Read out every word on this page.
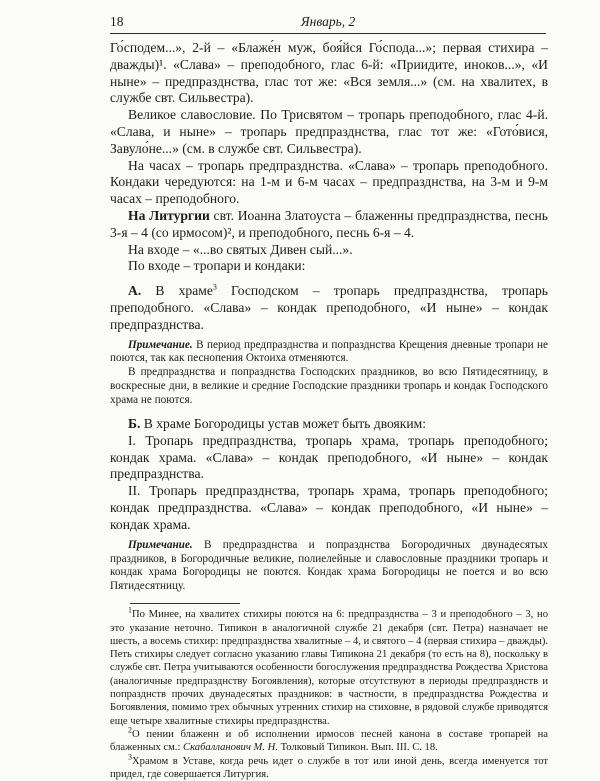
18	Январь, 2

Го́сподем...», 2-й – «Блаже́н муж, боя́йся Го́спода...»; первая стихира – дважды)¹. «Слава» – преподобного, глас 6-й: «Приидите, иноков...», «И ныне» – предпразднства, глас тот же: «Вся земля...» (см. на хвалитех, в службе свт. Сильвестра).

Великое славословие. По Трисвятом – тропарь преподобного, глас 4-й. «Слава, и ныне» – тропарь предпразднства, глас тот же: «Гото́вися, Завуло́не...» (см. в службе свт. Сильвестра).

На часах – тропарь предпразднства. «Слава» – тропарь преподобного. Кондаки чередуются: на 1-м и 6-м часах – предпразднства, на 3-м и 9-м часах – преподобного.

На Литургии свт. Иоанна Златоуста – блаженны предпразднства, песнь 3-я – 4 (со ирмосом)², и преподобного, песнь 6-я – 4.

На входе – «...во святых Дивен сый...».

По входе – тропари и кондаки:

А. В храме$^3$ Господском – тропарь предпразднства, тропарь преподобного. «Слава» – кондак преподобного, «И ныне» – кондак предпразднства.

Примечание. В период предпразднства и попразднства Крещения дневные тропари не поются, так как песнопения Октоиха отменяются.

В предпразднства и попразднства Господских праздников, во всю Пятидесятницу, в воскресные дни, в великие и средние Господские праздники тропарь и кондак Господского храма не поются.

Б. В храме Богородицы устав может быть двояким:

I. Тропарь предпразднства, тропарь храма, тропарь преподобного; кондак храма. «Слава» – кондак преподобного, «И ныне» – кондак предпразднства.

II. Тропарь предпразднства, тропарь храма, тропарь преподобного; кондак предпразднства. «Слава» – кондак преподобного, «И ныне» – кондак храма.

Примечание. В предпразднства и попразднства Богородичных двунадесятых праздников, в Богородичные великие, полиелейные и славословные праздники тропарь и кондак храма Богородицы не поются. Кондак храма Богородицы не поется и во всю Пятидесятницу.

$^1$По Минее, на хвалитех стихиры поются на 6: предпразднства – 3 и преподобного – 3, но это указание неточно. Типикон в аналогичной службе 21 декабря (свт. Петра) назначает не шесть, а восемь стихир: предпразднства хвалитные – 4, и святого – 4 (первая стихира – дважды). Петь стихиры следует согласно указанию главы Типикона 21 декабря (то есть на 8), поскольку в службе свт. Петра учитываются особенности богослужения предпразднства Рождества Христова (аналогичные предпразднству Богоявления), которые отсутствуют в периоды предпразднств и попразднств прочих двунадесятых праздников: в частности, в предпразднства Рождества и Богоявления, помимо трех обычных утренних стихир на стиховне, в рядовой службе приводятся еще четыре хвалитные стихиры предпразднства.

$^2$О пении блаженн и об исполнении ирмосов песней канона в составе тропарей на блаженных см.: Скабалланович М. Н. Толковый Типикон. Вып. III. С. 18.

$^3$Храмом в Уставе, когда речь идет о службе в тот или иной день, всегда именуется тот придел, где совершается Литургия.
